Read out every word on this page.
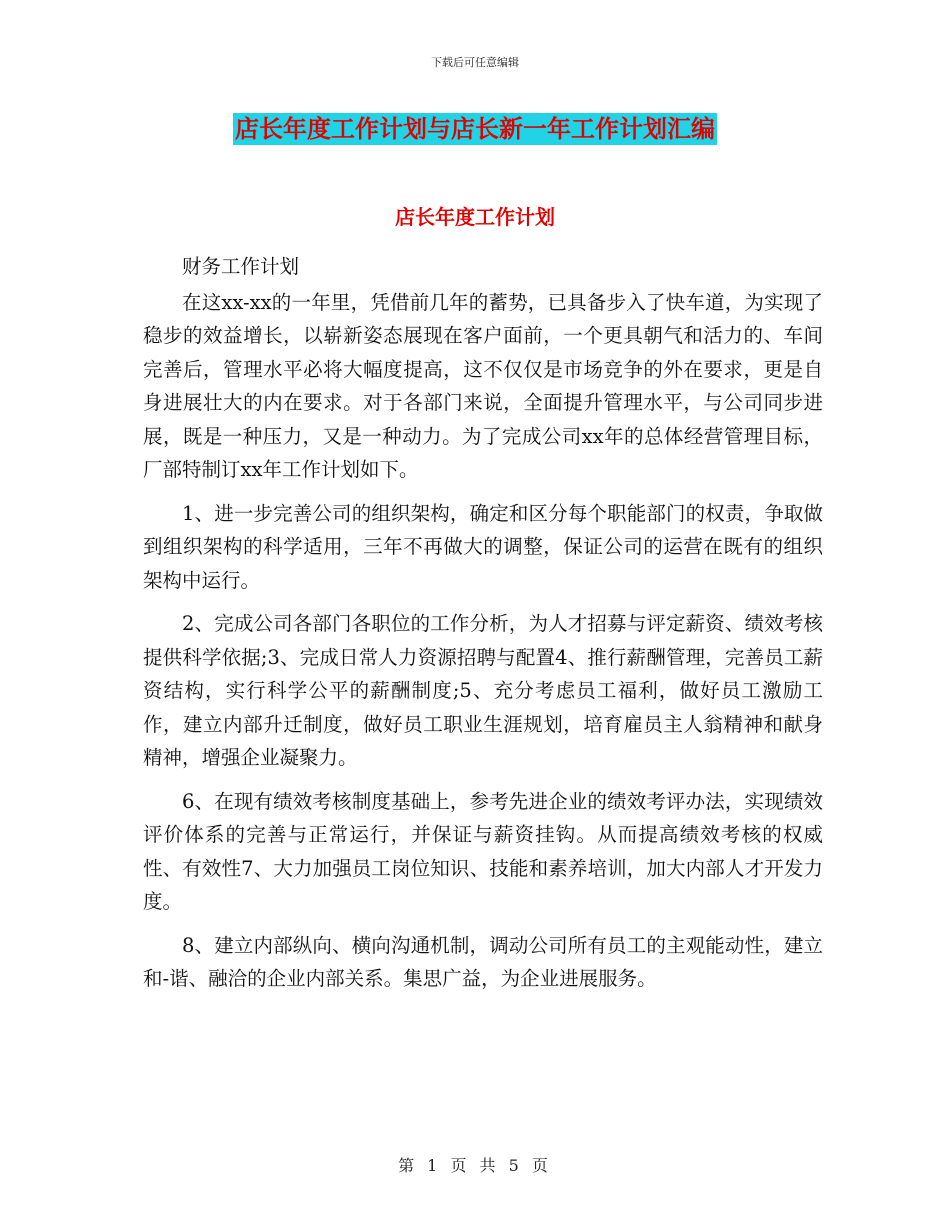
下载后可任意编辑
店长年度工作计划与店长新一年工作计划汇编
店长年度工作计划

财务工作计划

在这xx-xx的一年里，凭借前几年的蓄势，已具备步入了快车道，为实现了稳步的效益增长，以崭新姿态展现在客户面前，一个更具朝气和活力的、车间完善后，管理水平必将大幅度提高，这不仅仅是市场竞争的外在要求，更是自身进展壮大的内在要求。对于各部门来说，全面提升管理水平，与公司同步进展，既是一种压力，又是一种动力。为了完成公司xx年的总体经营管理目标，厂部特制订xx年工作计划如下。

1、进一步完善公司的组织架构，确定和区分每个职能部门的权责，争取做到组织架构的科学适用，三年不再做大的调整，保证公司的运营在既有的组织架构中运行。

2、完成公司各部门各职位的工作分析，为人才招募与评定薪资、绩效考核提供科学依据;3、完成日常人力资源招聘与配置4、推行薪酬管理，完善员工薪资结构，实行科学公平的薪酬制度;5、充分考虑员工福利，做好员工激励工作，建立内部升迁制度，做好员工职业生涯规划，培育雇员主人翁精神和献身精神，增强企业凝聚力。

6、在现有绩效考核制度基础上，参考先进企业的绩效考评办法，实现绩效评价体系的完善与正常运行，并保证与薪资挂钩。从而提高绩效考核的权威性、有效性7、大力加强员工岗位知识、技能和素养培训，加大内部人才开发力度。

8、建立内部纵向、横向沟通机制，调动公司所有员工的主观能动性，建立和-谐、融洽的企业内部关系。集思广益，为企业进展服务。

第 1 页 共 5 页
